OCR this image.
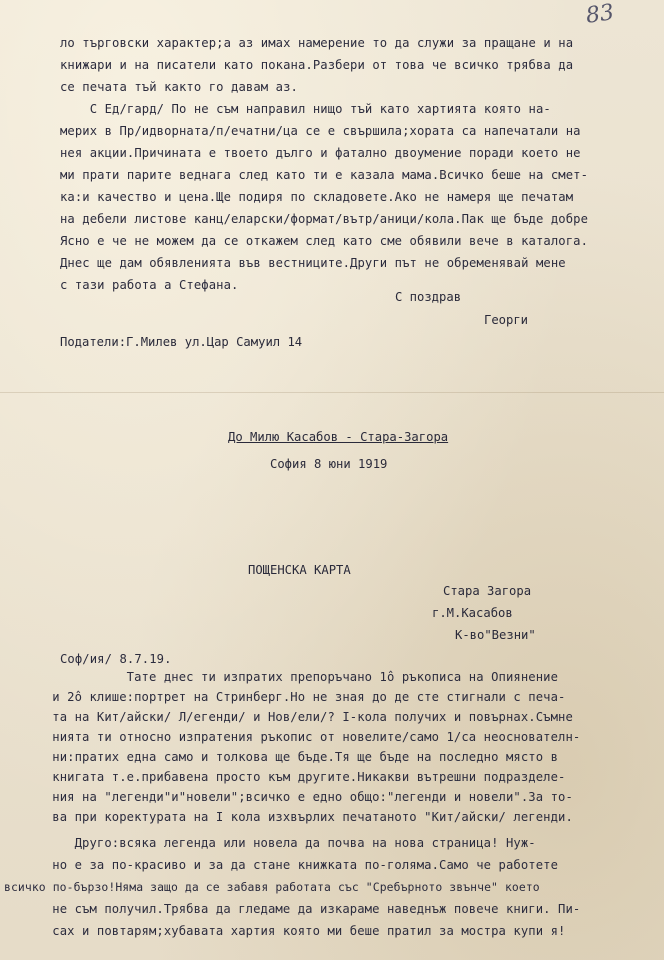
83
ло търговски характер;а аз имах намерение то да служи за пращане и на
книжари и на писатели като покана.Разбери от това че всичко трябва да
се печата тъй както го давам аз.
С Ед/гард/ По не съм направил нищо тъй като хартията която на-
мерих в Пр/идворната/п/ечатни/ца се е свършила;хората са напечатали на
нея акции.Причината е твоето дълго и фатално двоумение поради което не
ми прати парите веднага след като ти е казала мама.Всичко беше на смет-
ка:и качество и цена.Ще подиря по складовете.Ако не намеря ще печатам
на дебели листове канц/еларски/формат/вътр/аници/кола.Пак ще бъде добре
Ясно е че не можем да се откажем след като сме обявили вече в каталога.
Днес ще дам обявленията във вестниците.Други път не обременявай мене
с тази работа а Стефана.
С поздрав
Георги
Податели:Г.Милев ул.Цар Самуил 14
До Милю Касабов - Стара-Загора
София 8 юни 1919
ПОЩЕНСКА КАРТА
Стара Загора
г.М.Касабов
К-во"Везни"
Соф/ия/ 8.7.19.
Тате днес ти изпратих препоръчано 1ô ръкописа на Опиянение
и 2ô клише:портрет на Стринберг.Но не зная до де сте стигнали с печа-
та на Кит/айски/ Л/егенди/ и Нов/ели/? I-кола получих и повърнах.Съмне
нията ти относно изпратения ръкопис от новелите/само 1/са неоснователн-
ни:пратих една само и толкова ще бъде.Тя ще бъде на последно място в
книгата т.е.прибавена просто към другите.Никакви вътрешни подразделе-
ния на "легенди"и"новели";всичко е едно общо:"легенди и новели".За то-
ва при коректурата на I кола изхвърлих печатаното "Кит/айски/ легенди.
Друго:всяка легенда или новела да почва на нова страница! Нуж-
но е за по-красиво и за да стане книжката по-голяма.Само че работете
всичко по-бързо!Няма защо да се забавя работата със "Сребърното звънче" което
не съм получил.Трябва да гледаме да изкараме наведнъж повече книги. Пи-
сах и повтарям;хубавата хартия която ми беше пратил за мостра купи я!
